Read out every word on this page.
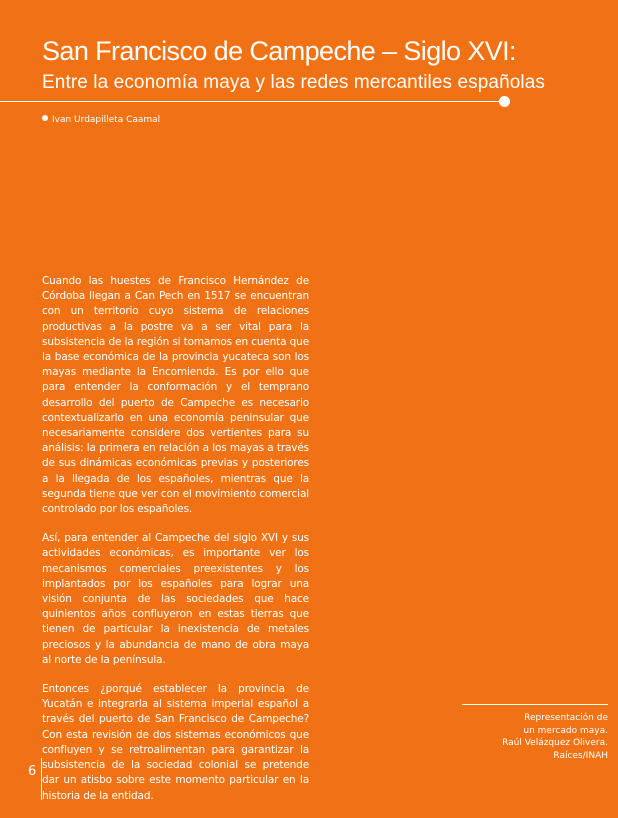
San Francisco de Campeche – Siglo XVI:
Entre la economía maya y las redes mercantiles españolas
Ivan Urdapilleta Caamal

Cuando las huestes de Francisco Hernández de Córdoba llegan a Can Pech en 1517 se encuentran con un territorio cuyo sistema de relaciones productivas a la postre va a ser vital para la subsistencia de la región si tomamos en cuenta que la base económica de la provincia yucateca son los mayas mediante la Encomienda. Es por ello que para entender la conformación y el temprano desarrollo del puerto de Campeche es necesario contextualizarlo en una economía peninsular que necesariamente considere dos vertientes para su análisis: la primera en relación a los mayas a través de sus dinámicas económicas previas y posteriores a la llegada de los españoles, mientras que la segunda tiene que ver con el movimiento comercial controlado por los españoles.

Así, para entender al Campeche del siglo XVI y sus actividades económicas, es importante ver los mecanismos comerciales preexistentes y los implantados por los españoles para lograr una visión conjunta de las sociedades que hace quinientos años confluyeron en estas tierras que tienen de particular la inexistencia de metales preciosos y la abundancia de mano de obra maya al norte de la península.

Entonces ¿porqué establecer la provincia de Yucatán e integrarla al sistema imperial español a través del puerto de San Francisco de Campeche? Con esta revisión de dos sistemas económicos que confluyen y se retroalimentan para garantizar la subsistencia de la sociedad colonial se pretende dar un atisbo sobre este momento particular en la historia de la entidad.

Representación de
un mercado maya.
Raúl Velázquez Olivera.
Raíces/INAH
6
